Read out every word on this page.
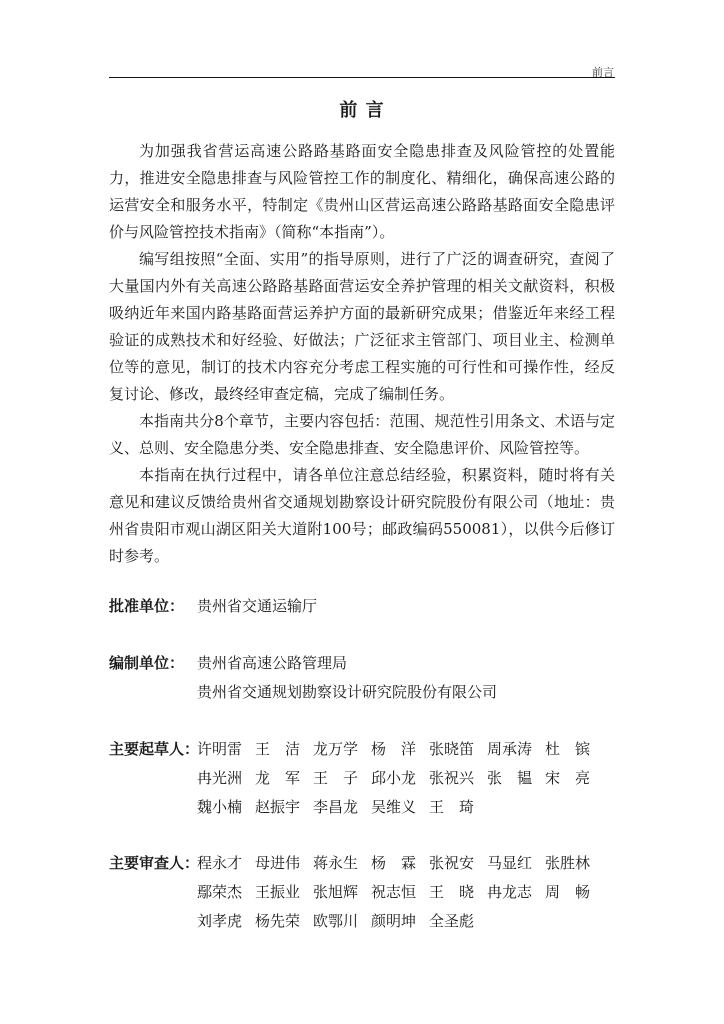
前言
前 言

为加强我省营运高速公路路基路面安全隐患排查及风险管控的处置能力，推进安全隐患排查与风险管控工作的制度化、精细化，确保高速公路的运营安全和服务水平，特制定《贵州山区营运高速公路路基路面安全隐患评价与风险管控技术指南》（简称“本指南”）。

编写组按照“全面、实用”的指导原则，进行了广泛的调查研究，查阅了大量国内外有关高速公路路基路面营运安全养护管理的相关文献资料，积极吸纳近年来国内路基路面营运养护方面的最新研究成果；借鉴近年来经工程验证的成熟技术和好经验、好做法；广泛征求主管部门、项目业主、检测单位等的意见，制订的技术内容充分考虑工程实施的可行性和可操作性，经反复讨论、修改，最终经审查定稿，完成了编制任务。

本指南共分8个章节，主要内容包括：范围、规范性引用条文、术语与定义、总则、安全隐患分类、安全隐患排查、安全隐患评价、风险管控等。

本指南在执行过程中，请各单位注意总结经验，积累资料，随时将有关意见和建议反馈给贵州省交通规划勘察设计研究院股份有限公司（地址：贵州省贵阳市观山湖区阳关大道附100号；邮政编码550081），以供今后修订时参考。

批准单位： 贵州省交通运输厅
编制单位： 贵州省高速公路管理局
贵州省交通规划勘察设计研究院股份有限公司
主要起草人：
许明雷 王　洁 龙万学 杨　洋 张晓笛 周承涛 杜　镔
冉光洲 龙　军 王　子 邱小龙 张祝兴 张　韫 宋　亮
魏小楠 赵振宇 李昌龙 吴维义 王　琦
主要审查人：
程永才 母进伟 蒋永生 杨　霖 张祝安 马显红 张胜林
鄢荣杰 王振业 张旭辉 祝志恒 王　晓 冉龙志 周　畅
刘孝虎 杨先荣 欧鄂川 颜明坤 全圣彪
